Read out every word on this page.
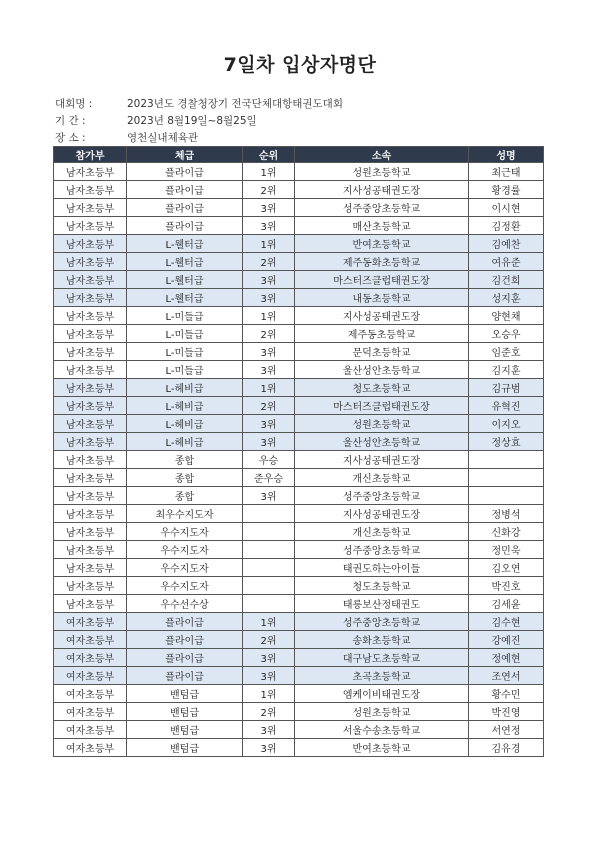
7일차 입상자명단
대회명 :	2023년도 경찰청장기 전국단체대항태권도대회
기 간 :	2023년 8월19일~8월25일
장 소 :	영천실내체육관
참가부	체급	순위	소속	성명
남자초등부	플라이급	1위	성원초등학교	최근태
남자초등부	플라이급	2위	지사성공태권도장	황경률
남자초등부	플라이급	3위	성주중앙초등학교	이시현
남자초등부	플라이급	3위	매산초등학교	김정환
남자초등부	L-웰터급	1위	반여초등학교	김예찬
남자초등부	L-웰터급	2위	제주동화초등학교	여유준
남자초등부	L-웰터급	3위	마스터즈클럽태권도장	김건희
남자초등부	L-웰터급	3위	내동초등학교	성지훈
남자초등부	L-미들급	1위	지사성공태권도장	양현채
남자초등부	L-미들급	2위	제주동초등학교	오승우
남자초등부	L-미들급	3위	문덕초등학교	임준호
남자초등부	L-미들급	3위	울산성안초등학교	김지훈
남자초등부	L-헤비급	1위	청도초등학교	김규범
남자초등부	L-헤비급	2위	마스터즈클럽태권도장	유혁진
남자초등부	L-헤비급	3위	성원초등학교	이지오
남자초등부	L-헤비급	3위	울산성안초등학교	정상효
남자초등부	종합	우승	지사성공태권도장	
남자초등부	종합	준우승	개신초등학교	
남자초등부	종합	3위	성주중앙초등학교	
남자초등부	최우수지도자		지사성공태권도장	정병석
남자초등부	우수지도자		개신초등학교	신화강
남자초등부	우수지도자		성주중앙초등학교	정민욱
남자초등부	우수지도자		태권도하는아이들	김오연
남자초등부	우수지도자		청도초등학교	박진호
남자초등부	우수선수상		태릉보산정태권도	김세윤
여자초등부	플라이급	1위	성주중앙초등학교	김수현
여자초등부	플라이급	2위	송화초등학교	강예진
여자초등부	플라이급	3위	대구남도초등학교	정예현
여자초등부	플라이급	3위	초곡초등학교	조연서
여자초등부	밴텀급	1위	엠케이비태권도장	황수민
여자초등부	밴텀급	2위	성원초등학교	박진영
여자초등부	밴텀급	3위	서울수송초등학교	서연정
여자초등부	밴텀급	3위	반여초등학교	김유경
